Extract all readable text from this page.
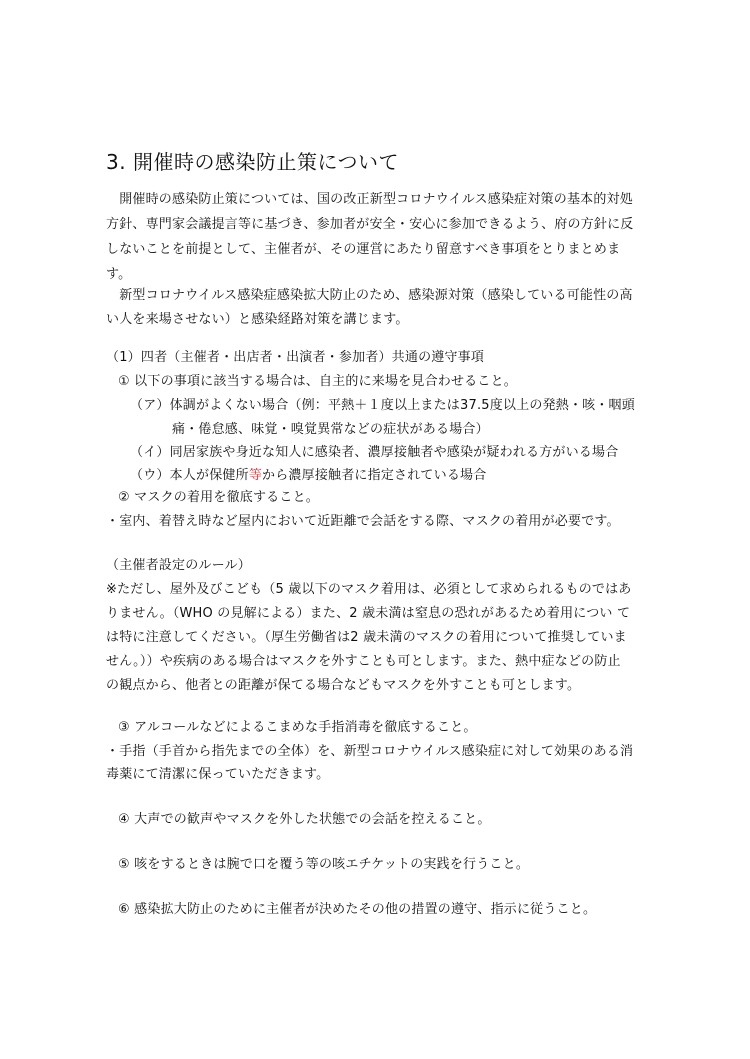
3. 開催時の感染防止策について
　開催時の感染防止策については、国の改正新型コロナウイルス感染症対策の基本的対処
方針、専門家会議提言等に基づき、参加者が安全・安心に参加できるよう、府の方針に反
しないことを前提として、主催者が、その運営にあたり留意すべき事項をとりまとめま
す。
　新型コロナウイルス感染症感染拡大防止のため、感染源対策（感染している可能性の高
い人を来場させない）と感染経路対策を講じます。
（1）四者（主催者・出店者・出演者・参加者）共通の遵守事項
① 以下の事項に該当する場合は、自主的に来場を見合わせること。
（ア）体調がよくない場合（例：平熱＋１度以上または37.5度以上の発熱・咳・咽頭
痛・倦怠感、味覚・嗅覚異常などの症状がある場合）
（イ）同居家族や身近な知人に感染者、濃厚接触者や感染が疑われる方がいる場合
（ウ）本人が保健所等から濃厚接触者に指定されている場合
② マスクの着用を徹底すること。
・室内、着替え時など屋内において近距離で会話をする際、マスクの着用が必要です。
（主催者設定のルール）
※ただし、屋外及びこども（5 歳以下のマスク着用は、必須として求められるものではあ
りません。（WHO の見解による）また、2 歳未満は窒息の恐れがあるため着用につい て
は特に注意してください。（厚生労働省は2 歳未満のマスクの着用について推奨していま
せん。））や疾病のある場合はマスクを外すことも可とします。また、熱中症などの防止
の観点から、他者との距離が保てる場合などもマスクを外すことも可とします。
③ アルコールなどによるこまめな手指消毒を徹底すること。
・手指（手首から指先までの全体）を、新型コロナウイルス感染症に対して効果のある消
毒薬にて清潔に保っていただきます。
④ 大声での歓声やマスクを外した状態での会話を控えること。
⑤ 咳をするときは腕で口を覆う等の咳エチケットの実践を行うこと。
⑥ 感染拡大防止のために主催者が決めたその他の措置の遵守、指示に従うこと。
